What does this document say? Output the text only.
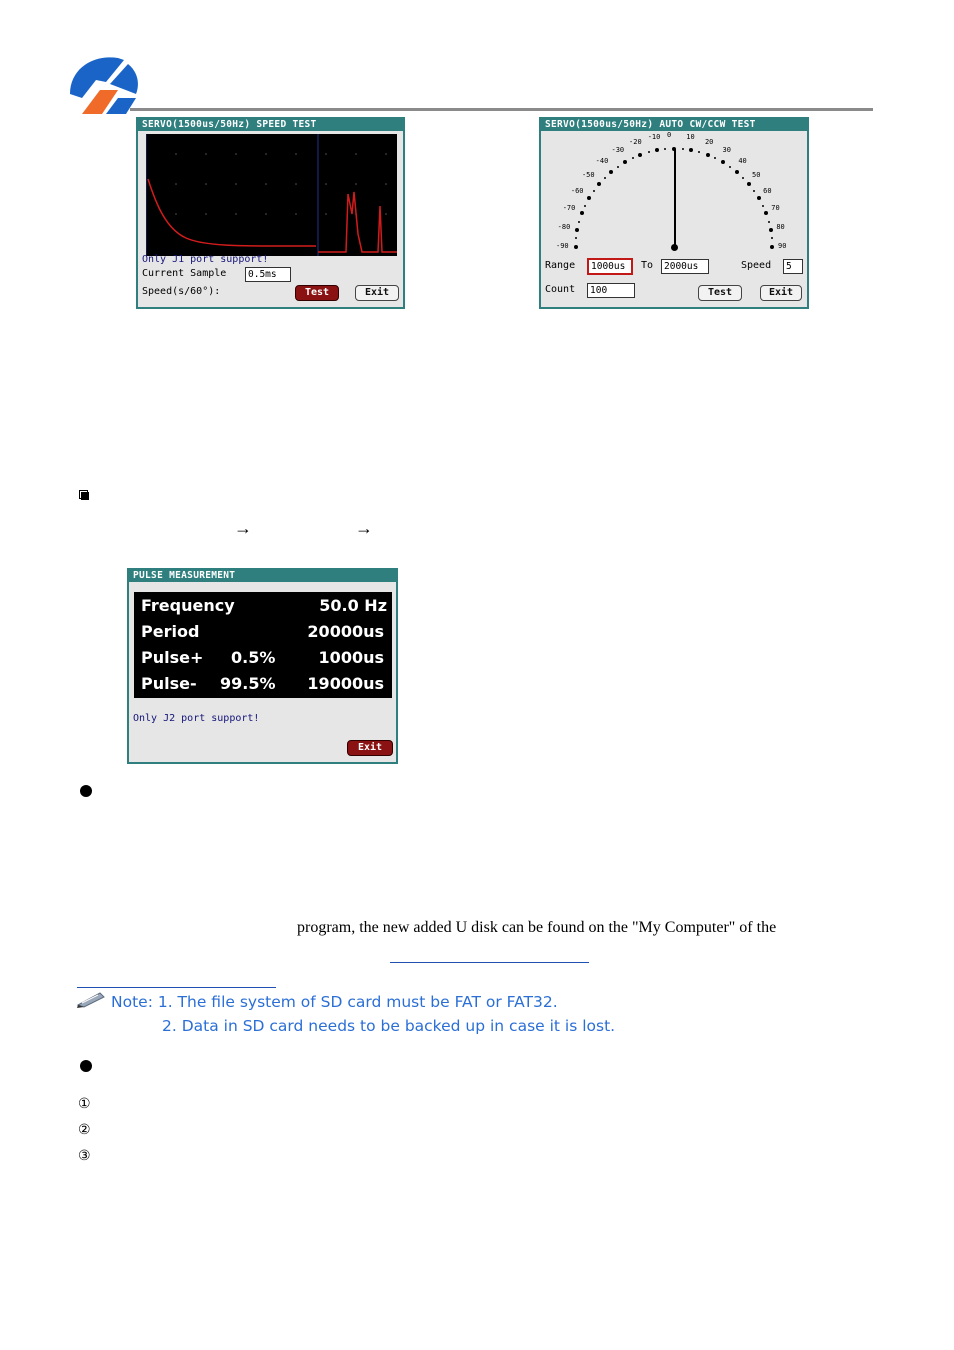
SERVO(1500us/50Hz) SPEED TEST
Only J1 port support!
Current Sample	0.5ms
Speed(s/60°):	Test	Exit
SERVO(1500us/50Hz) AUTO CW/CCW TEST
-90
-80
-70
-60
-50
-40
-30
-20
-10 0 10
20
30
40
50
60
70
80
90
Range	1000us	To	2000us	Speed	5
Count	100	Test	Exit
→	→
PULSE MEASUREMENT
Frequency	50.0 Hz
Period	20000us
Pulse+ 0.5%	1000us
Pulse- 99.5% 19000us
Only J2 port support!
Exit
program, the new added U disk can be found on the "My Computer" of the
Note: 1. The file system of SD card must be FAT or FAT32.
2. Data in SD card needs to be backed up in case it is lost.
①
②
③
